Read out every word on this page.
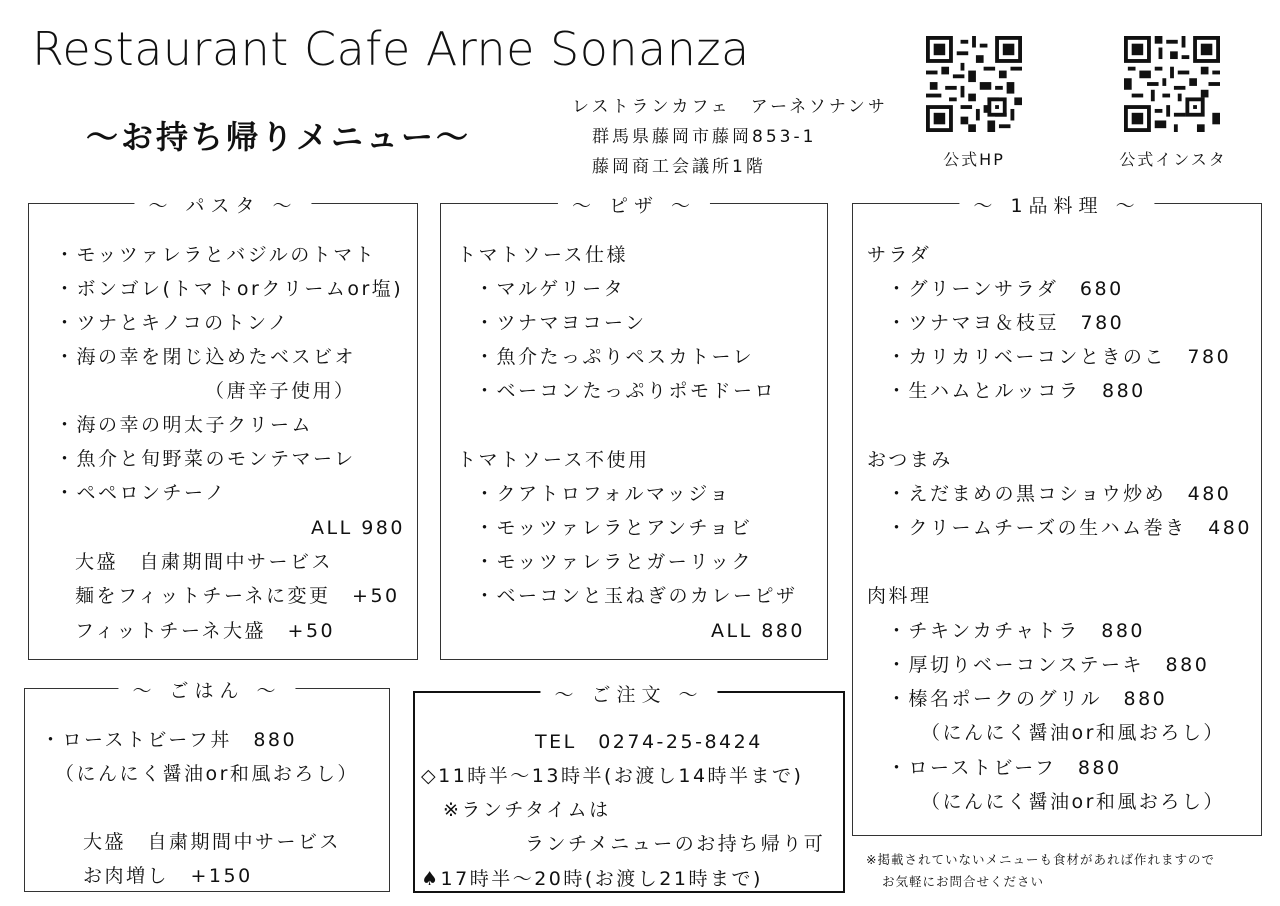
Restaurant Cafe Arne Sonanza
～お持ち帰りメニュー～
レストランカフェ　アーネソナンサ
群馬県藤岡市藤岡853-1
藤岡商工会議所1階	公式HP	公式インスタ
～ パスタ ～
・モッツァレラとバジルのトマト
・ボンゴレ(トマトorクリームor塩)
・ツナとキノコのトンノ
・海の幸を閉じ込めたベスビオ
（唐辛子使用）
・海の幸の明太子クリーム
・魚介と旬野菜のモンテマーレ
・ペペロンチーノ
ALL 980
大盛　自粛期間中サービス
麺をフィットチーネに変更　+50
フィットチーネ大盛　+50
～ ピザ ～
トマトソース仕様
・マルゲリータ
・ツナマヨコーン
・魚介たっぷりペスカトーレ
・ベーコンたっぷりポモドーロ
トマトソース不使用
・クアトロフォルマッジョ
・モッツァレラとアンチョビ
・モッツァレラとガーリック
・ベーコンと玉ねぎのカレーピザ
ALL 880
～ 1品料理 ～
サラダ
・グリーンサラダ　680
・ツナマヨ＆枝豆　780
・カリカリベーコンときのこ　780
・生ハムとルッコラ　880
おつまみ
・えだまめの黒コショウ炒め　480
・クリームチーズの生ハム巻き　480
肉料理
・チキンカチャトラ　880
・厚切りベーコンステーキ　880
・榛名ポークのグリル　880
（にんにく醤油or和風おろし）
・ローストビーフ　880
（にんにく醤油or和風おろし）
～ ごはん ～
・ローストビーフ丼　880
（にんにく醤油or和風おろし）
大盛　自粛期間中サービス
お肉増し　+150
～ ご注文 ～
TEL　0274-25-8424
◇11時半～13時半(お渡し14時半まで)
※ランチタイムは
ランチメニューのお持ち帰り可
♠17時半～20時(お渡し21時まで)
※掲載されていないメニューも食材があれば作れますので
お気軽にお問合せください
